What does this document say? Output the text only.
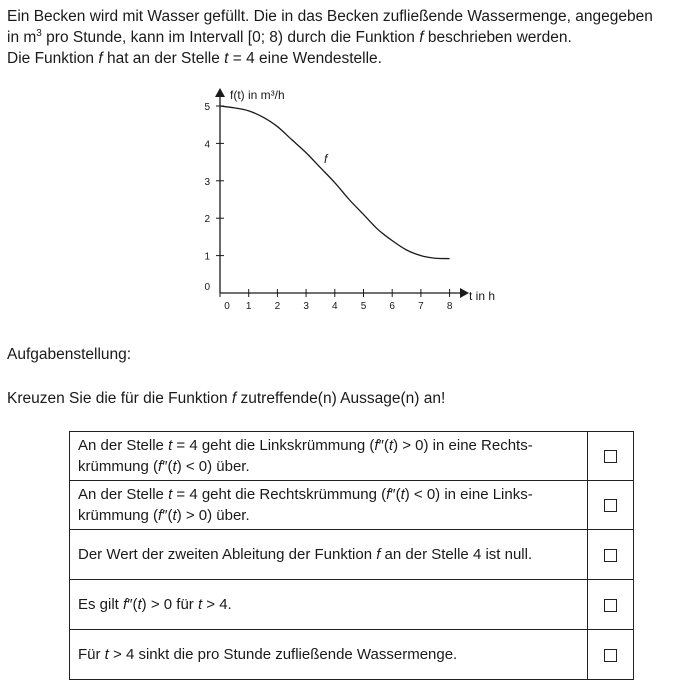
Ein Becken wird mit Wasser gefüllt. Die in das Becken zufließende Wassermenge, angegeben

in $m^3$ pro Stunde, kann im Intervall [0; 8) durch die Funktion f beschrieben werden.

Die Funktion f hat an der Stelle t = 4 eine Wendestelle.

0 1 2 3 4 5 6 7 8
0
1
2
3
4
5
f(t) in m³/h
t in h
f

Aufgabenstellung:

Kreuzen Sie die für die Funktion f zutreffende(n) Aussage(n) an!

An der Stelle t = 4 geht die Linkskrümmung (f″(t) > 0) in eine Rechts-
krümmung (f″(t) < 0) über.	
An der Stelle t = 4 geht die Rechtskrümmung (f″(t) < 0) in eine Links-
krümmung (f″(t) > 0) über.	
Der Wert der zweiten Ableitung der Funktion f an der Stelle 4 ist null.	
Es gilt f″(t) > 0 für t > 4.	
Für t > 4 sinkt die pro Stunde zufließende Wassermenge.	
